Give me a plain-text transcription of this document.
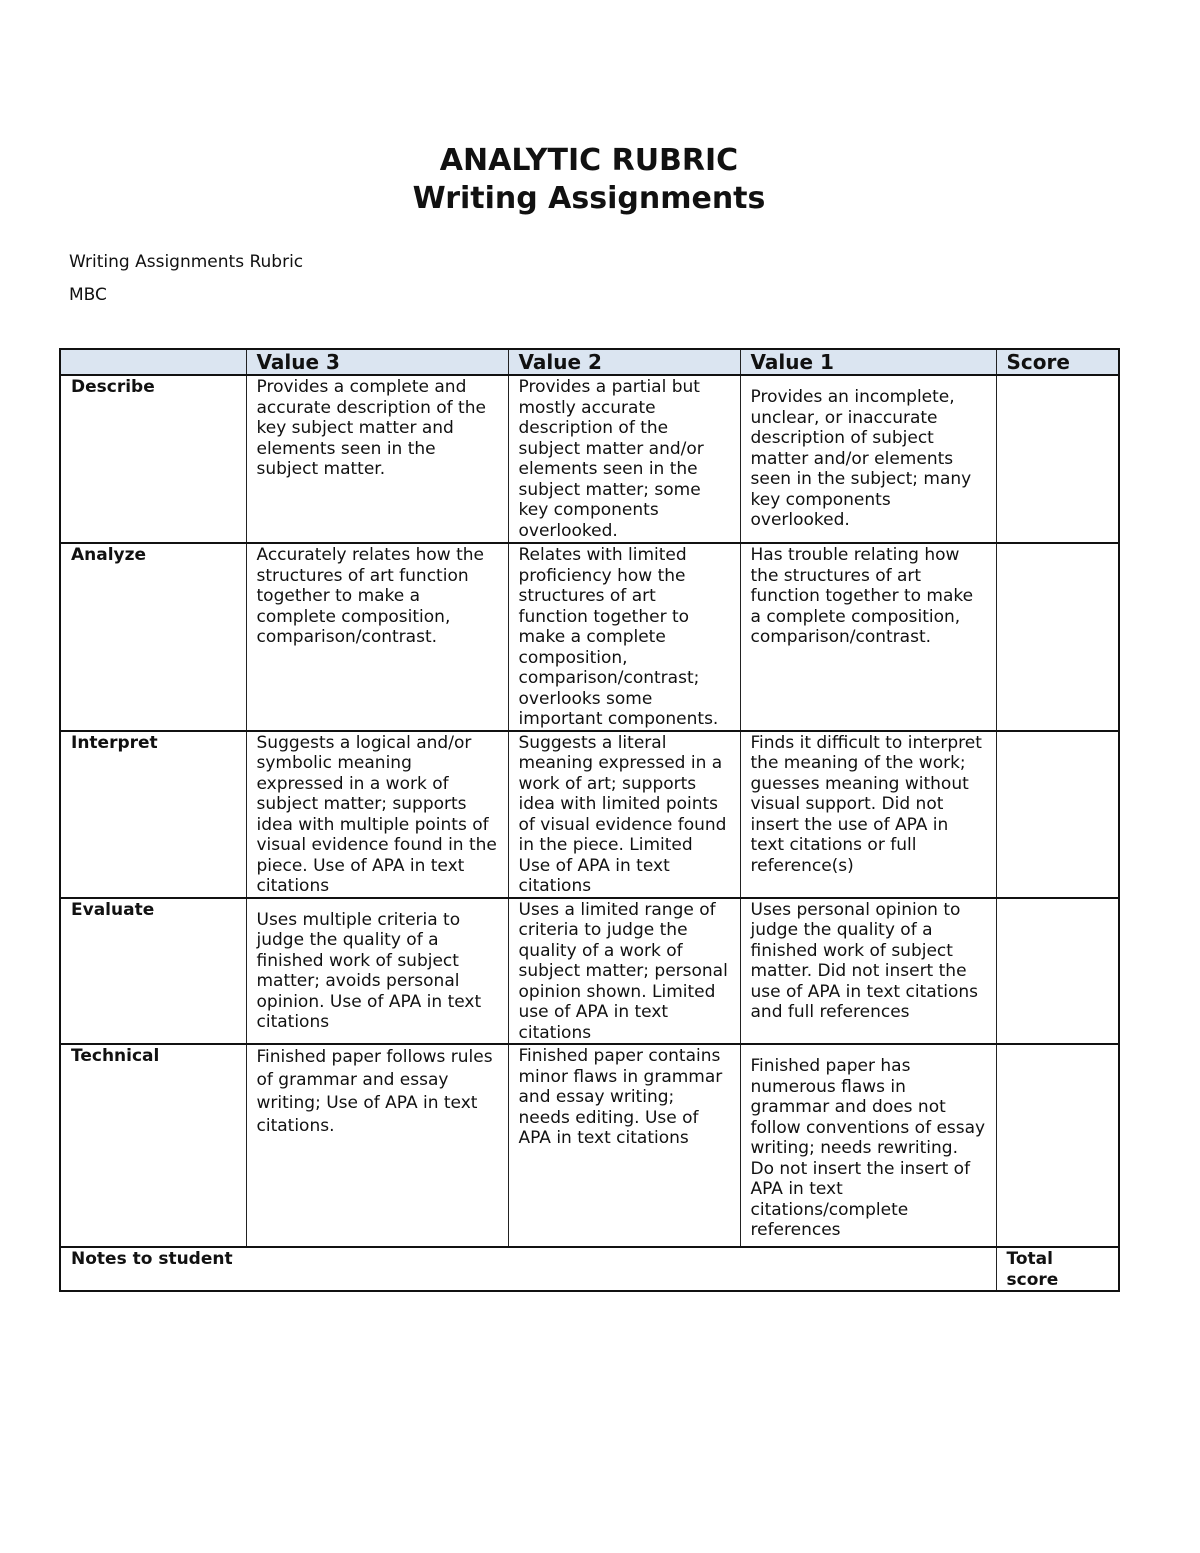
ANALYTIC RUBRIC
Writing Assignments
Writing Assignments Rubric
MBC
	Value 3	Value 2	Value 1	Score
Describe	Provides a complete and accurate description of the key subject matter and elements seen in the subject matter.	Provides a partial but mostly accurate description of the subject matter and/or elements seen in the subject matter; some key components overlooked.	Provides an incomplete, unclear, or inaccurate description of subject matter and/or elements seen in the subject; many key components overlooked.	
Analyze	Accurately relates how the structures of art function together to make a complete composition, comparison/contrast.	Relates with limited proficiency how the structures of art function together to make a complete composition, comparison/contrast; overlooks some important components.	Has trouble relating how the structures of art function together to make a complete composition, comparison/contrast.	
Interpret	Suggests a logical and/or symbolic meaning expressed in a work of subject matter; supports idea with multiple points of visual evidence found in the piece. Use of APA in text citations	Suggests a literal meaning expressed in a work of art; supports idea with limited points of visual evidence found in the piece. Limited Use of APA in text citations	Finds it difficult to interpret the meaning of the work; guesses meaning without visual support. Did not insert the use of APA in text citations or full reference(s)	
Evaluate	Uses multiple criteria to judge the quality of a finished work of subject matter; avoids personal opinion. Use of APA in text citations	Uses a limited range of criteria to judge the quality of a work of subject matter; personal opinion shown. Limited use of APA in text citations	Uses personal opinion to judge the quality of a finished work of subject matter. Did not insert the use of APA in text citations and full references	
Technical	Finished paper follows rules of grammar and essay writing; Use of APA in text citations.	Finished paper contains minor flaws in grammar and essay writing; needs editing. Use of APA in text citations	Finished paper has numerous flaws in grammar and does not follow conventions of essay writing; needs rewriting. Do not insert the insert of APA in text citations/complete references	
Notes to student				Total score
